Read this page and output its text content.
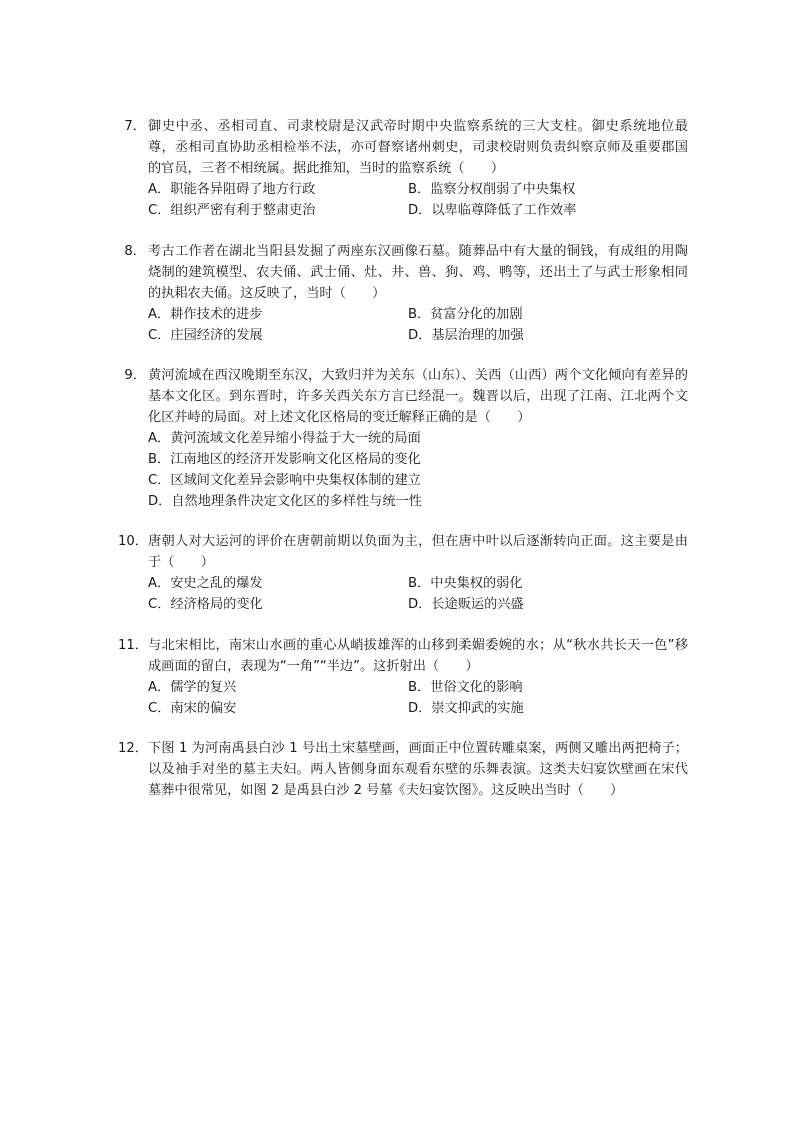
7． 御史中丞、丞相司直、司隶校尉是汉武帝时期中央监察系统的三大支柱。御史系统地位最尊，丞相司直协助丞相检举不法，亦可督察诸州刺史，司隶校尉则负责纠察京师及重要郡国的官员，三者不相统属。据此推知，当时的监察系统（　　）
A．职能各异阻碍了地方行政	B．监察分权削弱了中央集权
C．组织严密有利于整肃吏治	D．以卑临尊降低了工作效率
8． 考古工作者在湖北当阳县发掘了两座东汉画像石墓。随葬品中有大量的铜钱，有成组的用陶烧制的建筑模型、农夫俑、武士俑、灶、井、兽、狗、鸡、鸭等，还出土了与武士形象相同的执耜农夫俑。这反映了，当时（　　）
A．耕作技术的进步	B．贫富分化的加剧
C．庄园经济的发展	D．基层治理的加强
9． 黄河流域在西汉晚期至东汉，大致归并为关东（山东）、关西（山西）两个文化倾向有差异的基本文化区。到东晋时，许多关西关东方言已经混一。魏晋以后，出现了江南、江北两个文化区并峙的局面。对上述文化区格局的变迁解释正确的是（　　）
A．黄河流域文化差异缩小得益于大一统的局面
B．江南地区的经济开发影响文化区格局的变化
C．区域间文化差异会影响中央集权体制的建立
D．自然地理条件决定文化区的多样性与统一性
10． 唐朝人对大运河的评价在唐朝前期以负面为主，但在唐中叶以后逐渐转向正面。这主要是由于（　　）
A．安史之乱的爆发	B．中央集权的弱化
C．经济格局的变化	D．长途贩运的兴盛
11． 与北宋相比，南宋山水画的重心从峭拔雄浑的山移到柔媚委婉的水；从“秋水共长天一色”移成画面的留白，表现为“一角”“半边”。这折射出（　　）
A．儒学的复兴	B．世俗文化的影响
C．南宋的偏安	D．崇文抑武的实施
12． 下图 1 为河南禹县白沙 1 号出土宋墓壁画，画面正中位置砖雕桌案，两侧又雕出两把椅子；以及袖手对坐的墓主夫妇。两人皆侧身面东观看东壁的乐舞表演。这类夫妇宴饮壁画在宋代墓葬中很常见，如图 2 是禹县白沙 2 号墓《夫妇宴饮图》。这反映出当时（　　）
